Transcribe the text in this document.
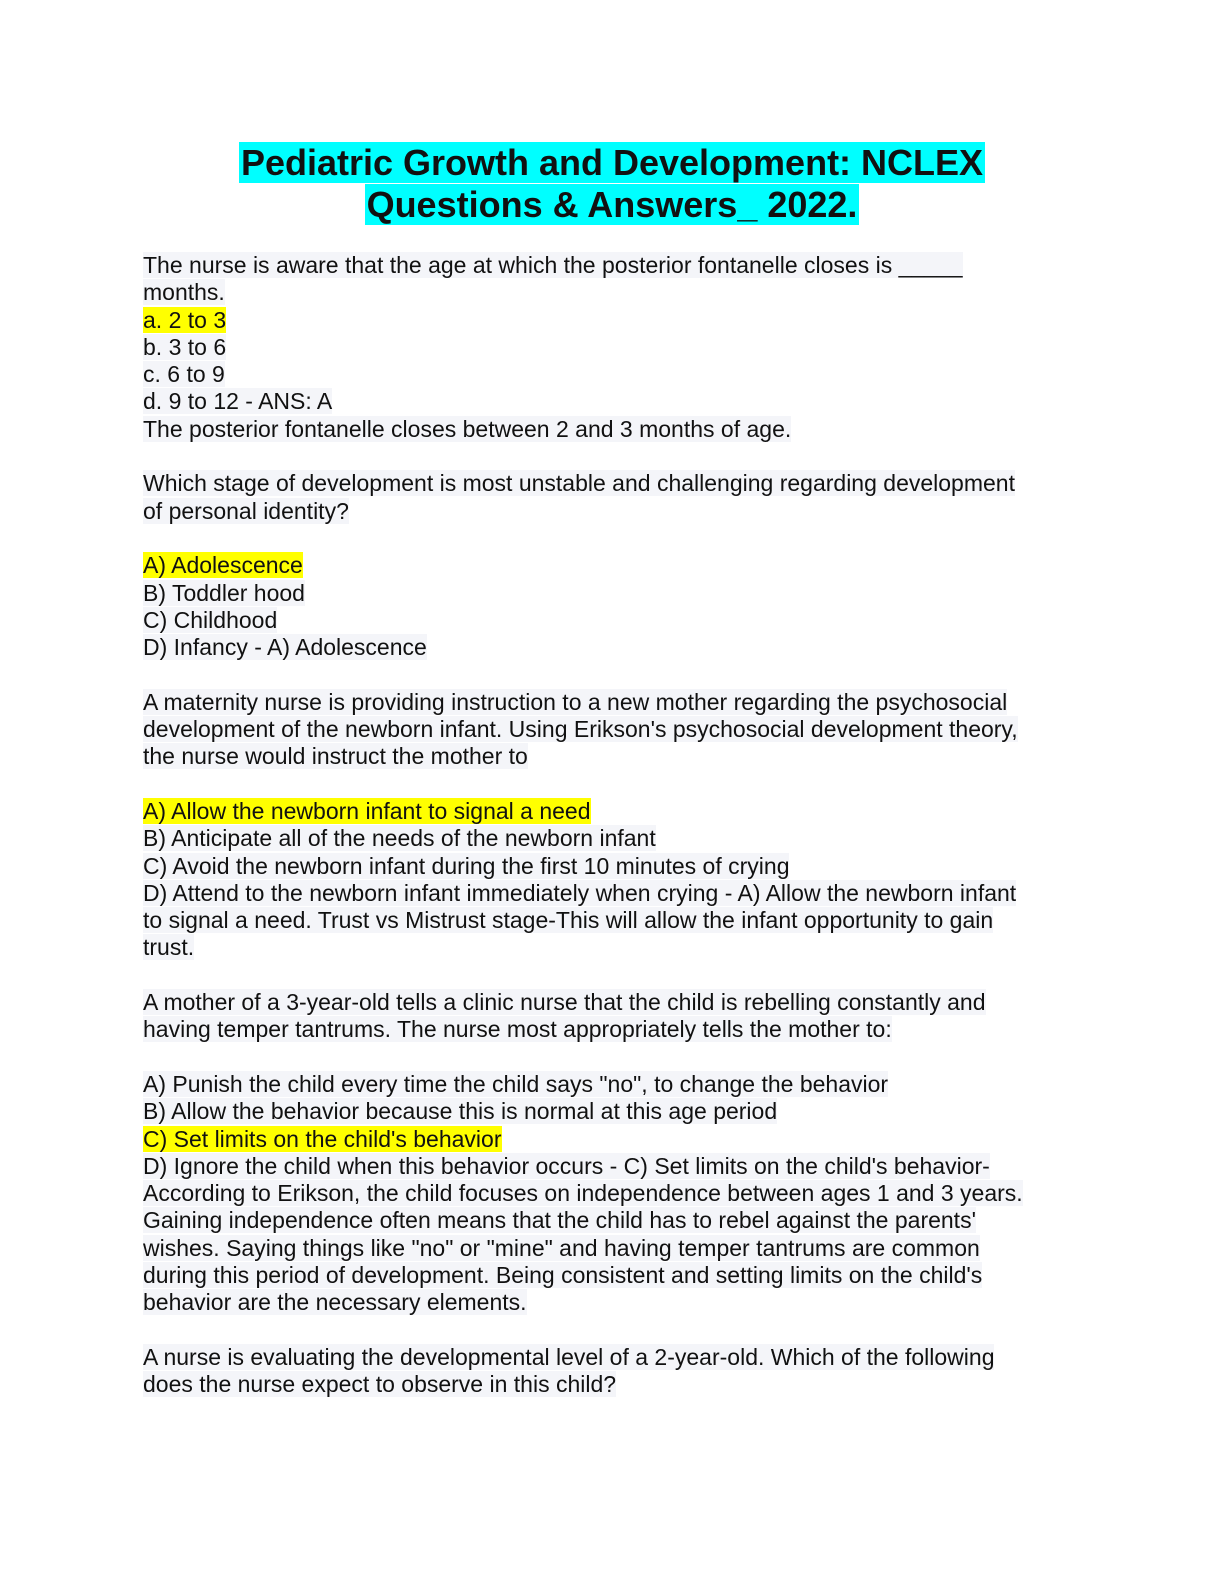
Pediatric Growth and Development: NCLEX
Questions & Answers_ 2022.
The nurse is aware that the age at which the posterior fontanelle closes is _____
months.
a. 2 to 3
b. 3 to 6
c. 6 to 9
d. 9 to 12 - ANS: A
The posterior fontanelle closes between 2 and 3 months of age.
Which stage of development is most unstable and challenging regarding development
of personal identity?
A) Adolescence
B) Toddler hood
C) Childhood
D) Infancy - A) Adolescence
A maternity nurse is providing instruction to a new mother regarding the psychosocial
development of the newborn infant. Using Erikson's psychosocial development theory,
the nurse would instruct the mother to
A) Allow the newborn infant to signal a need
B) Anticipate all of the needs of the newborn infant
C) Avoid the newborn infant during the first 10 minutes of crying
D) Attend to the newborn infant immediately when crying - A) Allow the newborn infant
to signal a need. Trust vs Mistrust stage-This will allow the infant opportunity to gain
trust.
A mother of a 3-year-old tells a clinic nurse that the child is rebelling constantly and
having temper tantrums. The nurse most appropriately tells the mother to:
A) Punish the child every time the child says "no", to change the behavior
B) Allow the behavior because this is normal at this age period
C) Set limits on the child's behavior
D) Ignore the child when this behavior occurs - C) Set limits on the child's behavior-
According to Erikson, the child focuses on independence between ages 1 and 3 years.
Gaining independence often means that the child has to rebel against the parents'
wishes. Saying things like "no" or "mine" and having temper tantrums are common
during this period of development. Being consistent and setting limits on the child's
behavior are the necessary elements.
A nurse is evaluating the developmental level of a 2-year-old. Which of the following
does the nurse expect to observe in this child?
